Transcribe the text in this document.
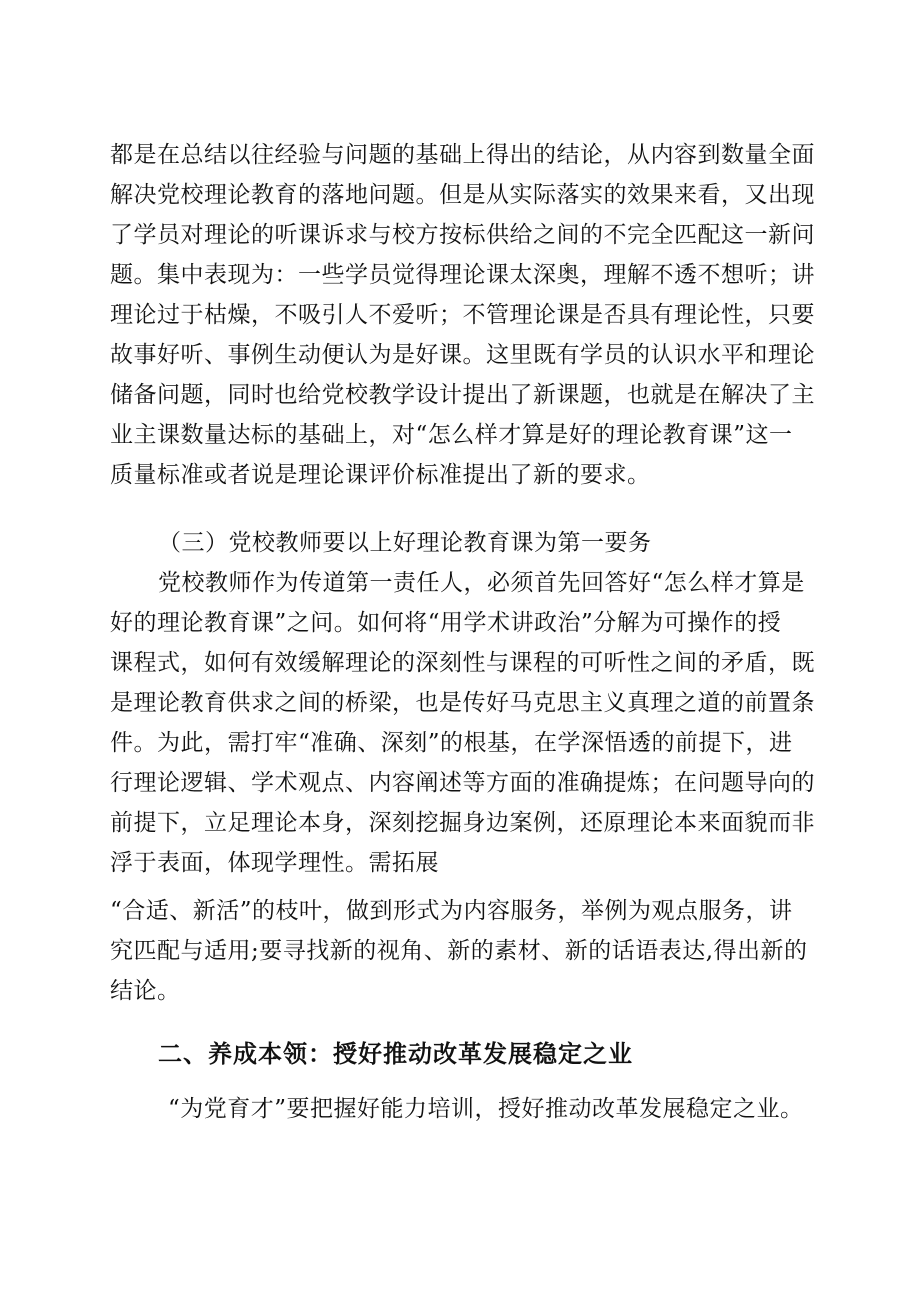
都是在总结以往经验与问题的基础上得出的结论，从内容到数量全面
解决党校理论教育的落地问题。但是从实际落实的效果来看，又出现
了学员对理论的听课诉求与校方按标供给之间的不完全匹配这一新问
题。集中表现为：一些学员觉得理论课太深奥，理解不透不想听；讲
理论过于枯燥，不吸引人不爱听；不管理论课是否具有理论性，只要
故事好听、事例生动便认为是好课。这里既有学员的认识水平和理论
储备问题，同时也给党校教学设计提出了新课题，也就是在解决了主
业主课数量达标的基础上，对“怎么样才算是好的理论教育课”这一
质量标准或者说是理论课评价标准提出了新的要求。
（三）党校教师要以上好理论教育课为第一要务
党校教师作为传道第一责任人，必须首先回答好“怎么样才算是
好的理论教育课”之问。如何将“用学术讲政治”分解为可操作的授
课程式，如何有效缓解理论的深刻性与课程的可听性之间的矛盾，既
是理论教育供求之间的桥梁，也是传好马克思主义真理之道的前置条
件。为此，需打牢“准确、深刻”的根基，在学深悟透的前提下，进
行理论逻辑、学术观点、内容阐述等方面的准确提炼；在问题导向的
前提下，立足理论本身，深刻挖掘身边案例，还原理论本来面貌而非
浮于表面，体现学理性。需拓展
“合适、新活”的枝叶，做到形式为内容服务，举例为观点服务，讲
究匹配与适用;要寻找新的视角、新的素材、新的话语表达,得出新的
结论。
二、养成本领：授好推动改革发展稳定之业
“为党育才”要把握好能力培训，授好推动改革发展稳定之业。
